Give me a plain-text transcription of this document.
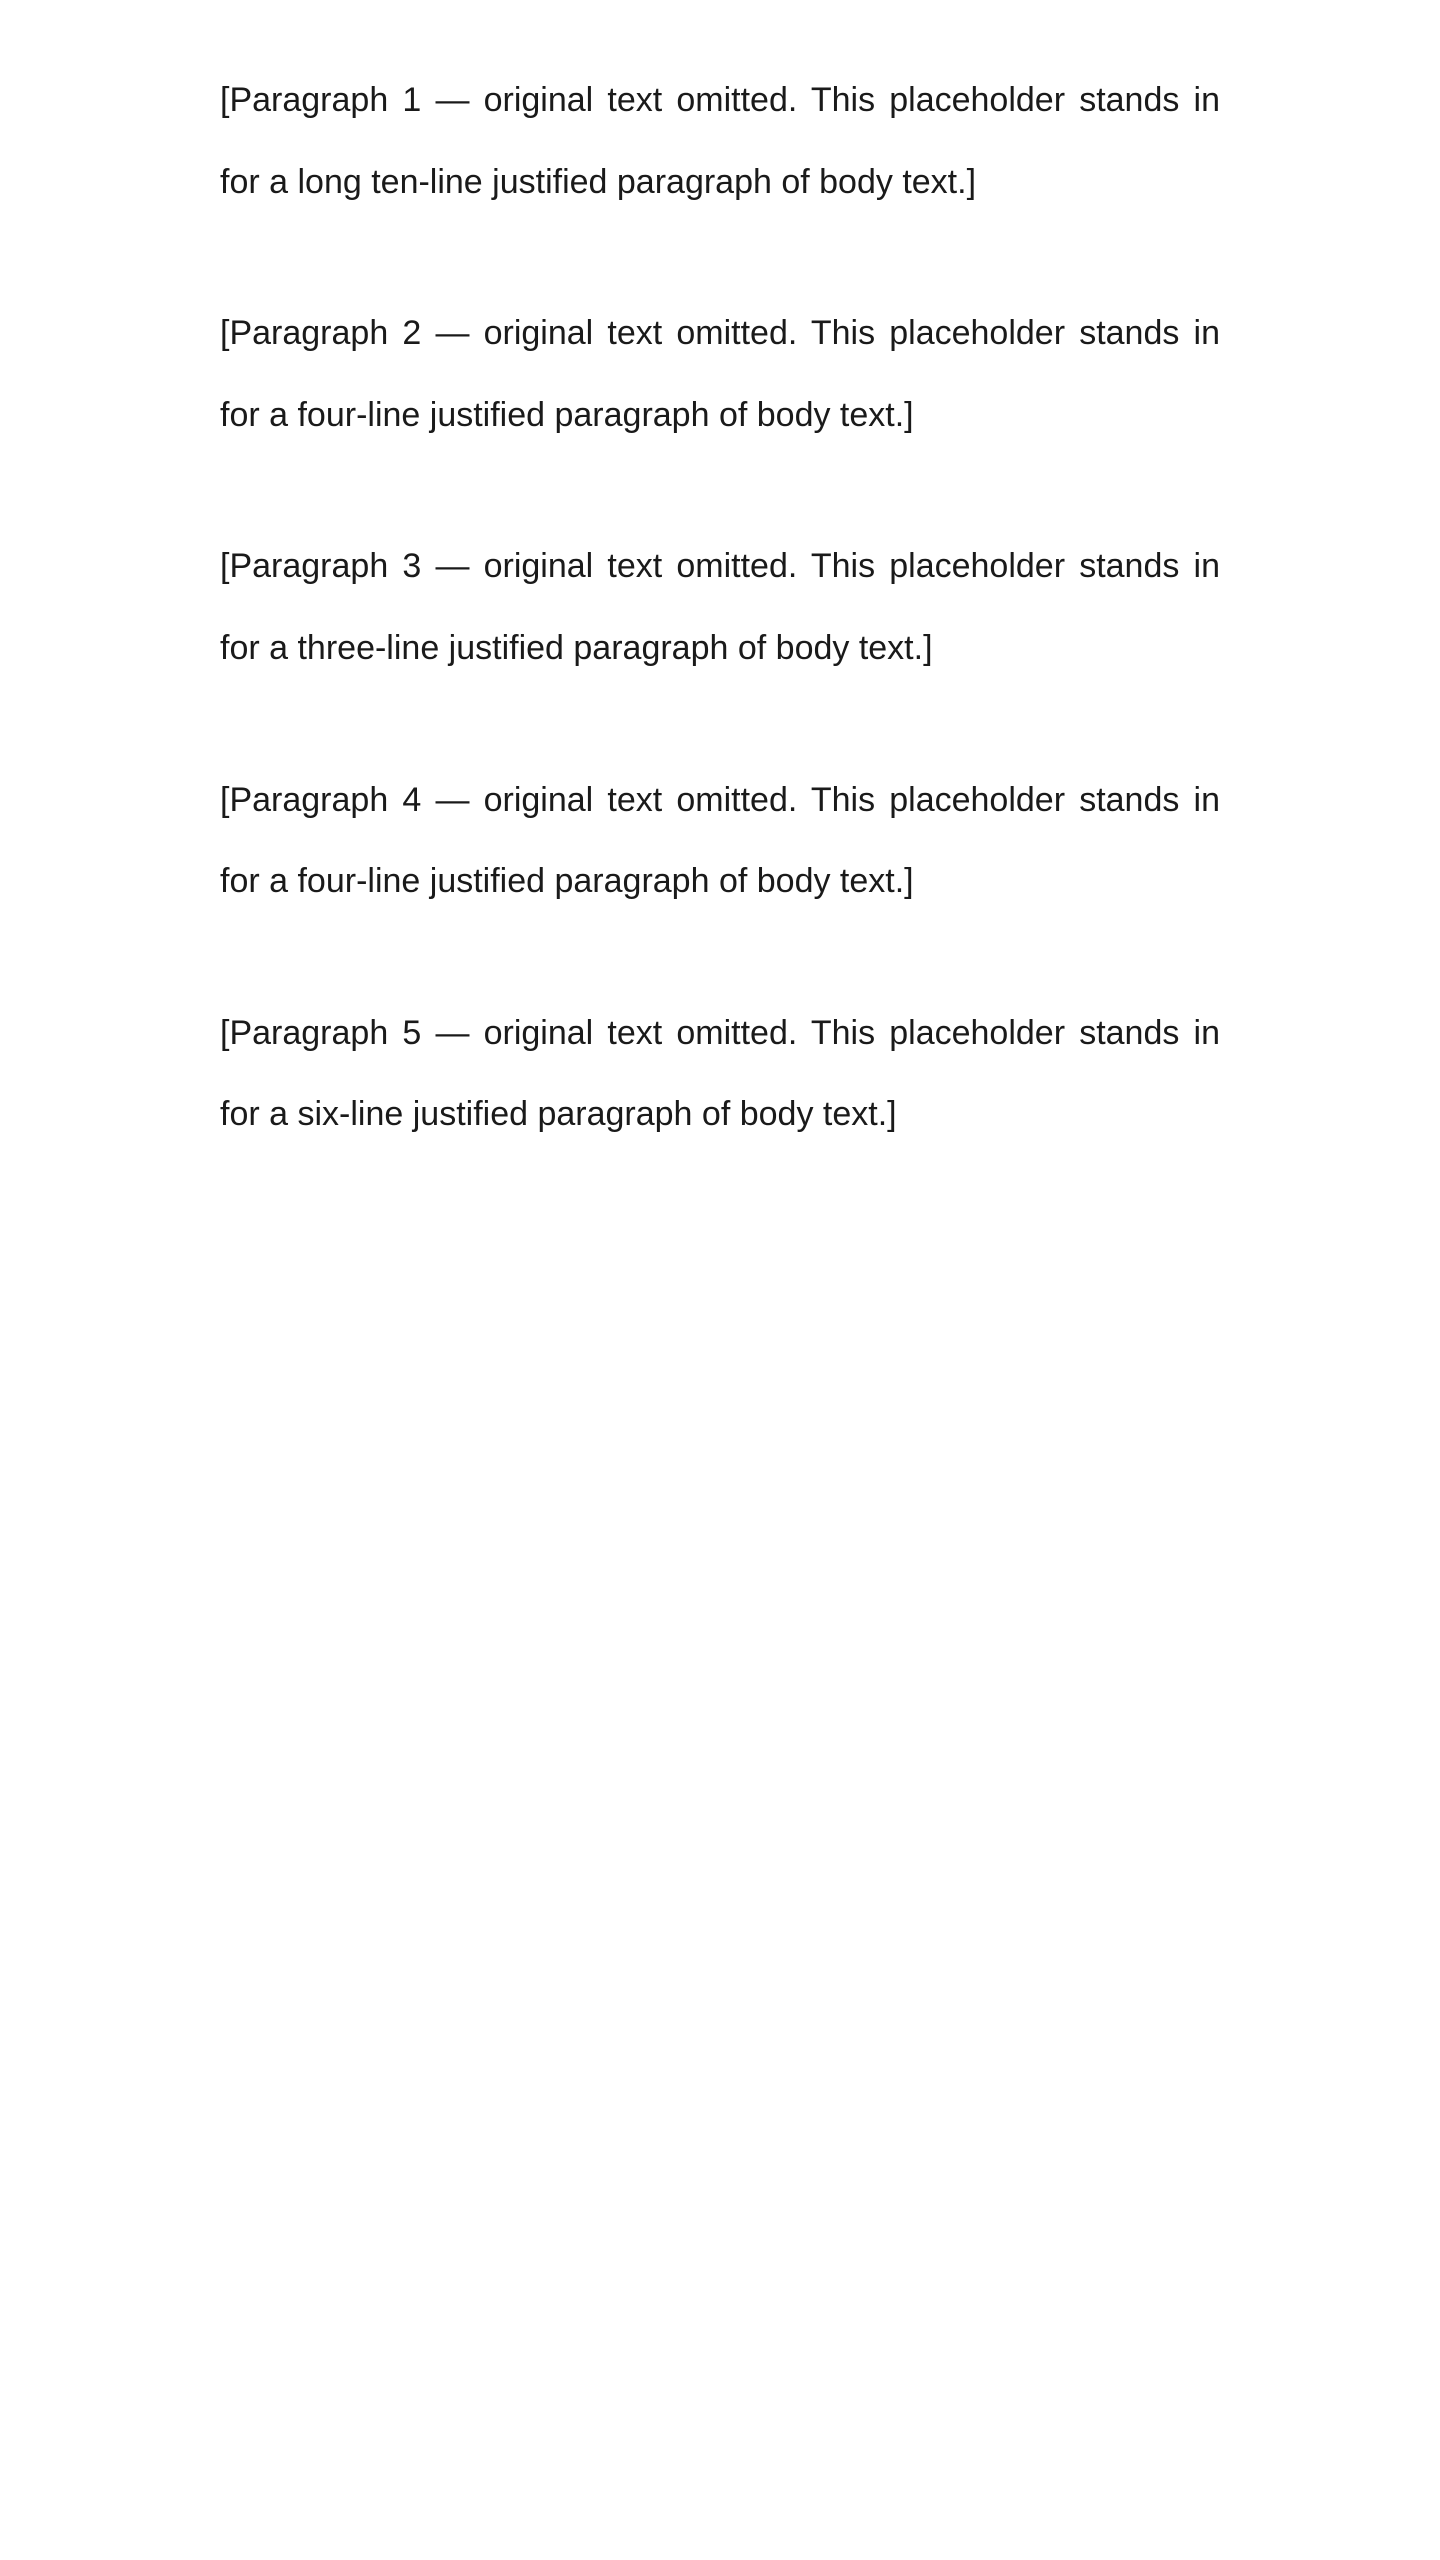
[Paragraph 1 — original text omitted. This placeholder stands in for a long ten-line justified paragraph of body text.]

[Paragraph 2 — original text omitted. This placeholder stands in for a four-line justified paragraph of body text.]

[Paragraph 3 — original text omitted. This placeholder stands in for a three-line justified paragraph of body text.]

[Paragraph 4 — original text omitted. This placeholder stands in for a four-line justified paragraph of body text.]

[Paragraph 5 — original text omitted. This placeholder stands in for a six-line justified paragraph of body text.]
